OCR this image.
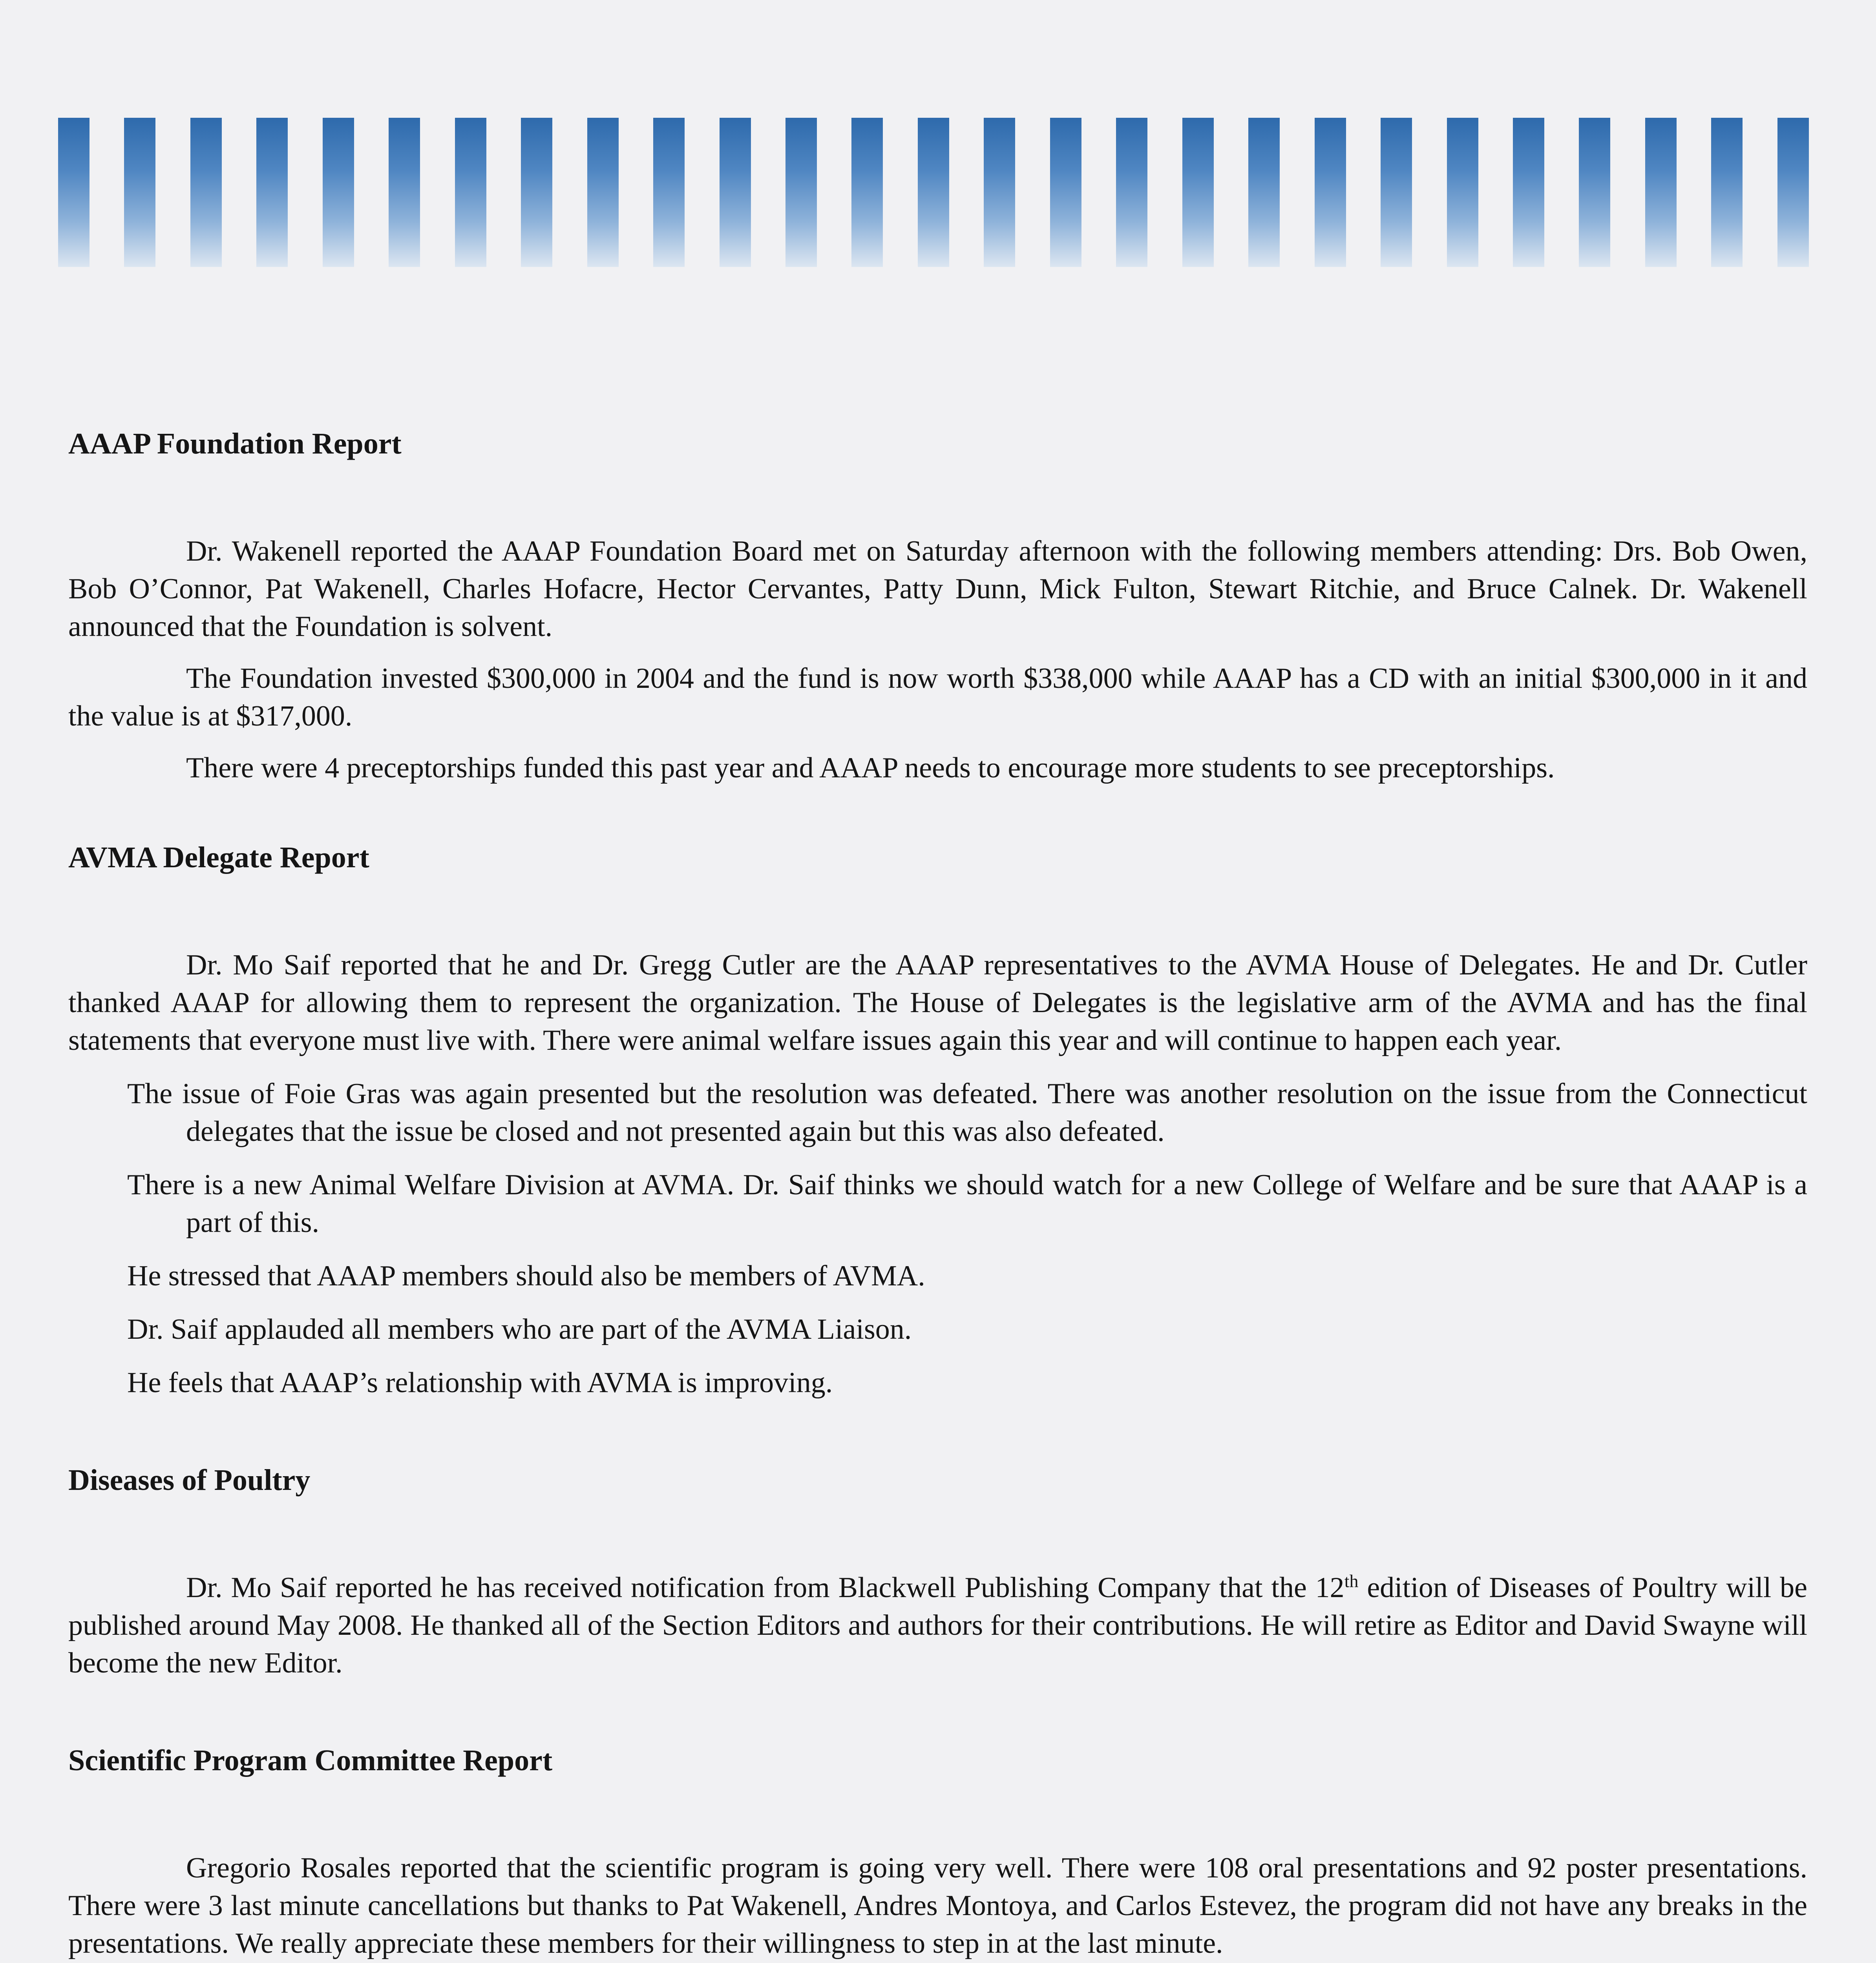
AAAP Foundation Report

Dr. Wakenell reported the AAAP Foundation Board met on Saturday afternoon with the following members attending: Drs. Bob Owen, Bob O’Connor, Pat Wakenell, Charles Hofacre, Hector Cervantes, Patty Dunn, Mick Fulton, Stewart Ritchie, and Bruce Calnek. Dr. Wakenell announced that the Foundation is solvent.

The Foundation invested $300,000 in 2004 and the fund is now worth $338,000 while AAAP has a CD with an initial $300,000 in it and the value is at $317,000.

There were 4 preceptorships funded this past year and AAAP needs to encourage more students to see preceptorships.

AVMA Delegate Report

Dr. Mo Saif reported that he and Dr. Gregg Cutler are the AAAP representatives to the AVMA House of Delegates. He and Dr. Cutler thanked AAAP for allowing them to represent the organization. The House of Delegates is the legislative arm of the AVMA and has the final statements that everyone must live with. There were animal welfare issues again this year and will continue to happen each year.

The issue of Foie Gras was again presented but the resolution was defeated. There was another resolution on the issue from the Connecticut delegates that the issue be closed and not presented again but this was also defeated.

There is a new Animal Welfare Division at AVMA. Dr. Saif thinks we should watch for a new College of Welfare and be sure that AAAP is a part of this.

He stressed that AAAP members should also be members of AVMA.

Dr. Saif applauded all members who are part of the AVMA Liaison.

He feels that AAAP’s relationship with AVMA is improving.

Diseases of Poultry

Dr. Mo Saif reported he has received notification from Blackwell Publishing Company that the 12th edition of Diseases of Poultry will be published around May 2008. He thanked all of the Section Editors and authors for their contributions. He will retire as Editor and David Swayne will become the new Editor.

Scientific Program Committee Report

Gregorio Rosales reported that the scientific program is going very well. There were 108 oral presentations and 92 poster presentations. There were 3 last minute cancellations but thanks to Pat Wakenell, Andres Montoya, and Carlos Estevez, the program did not have any breaks in the presentations. We really appreciate these members for their willingness to step in at the last minute.
